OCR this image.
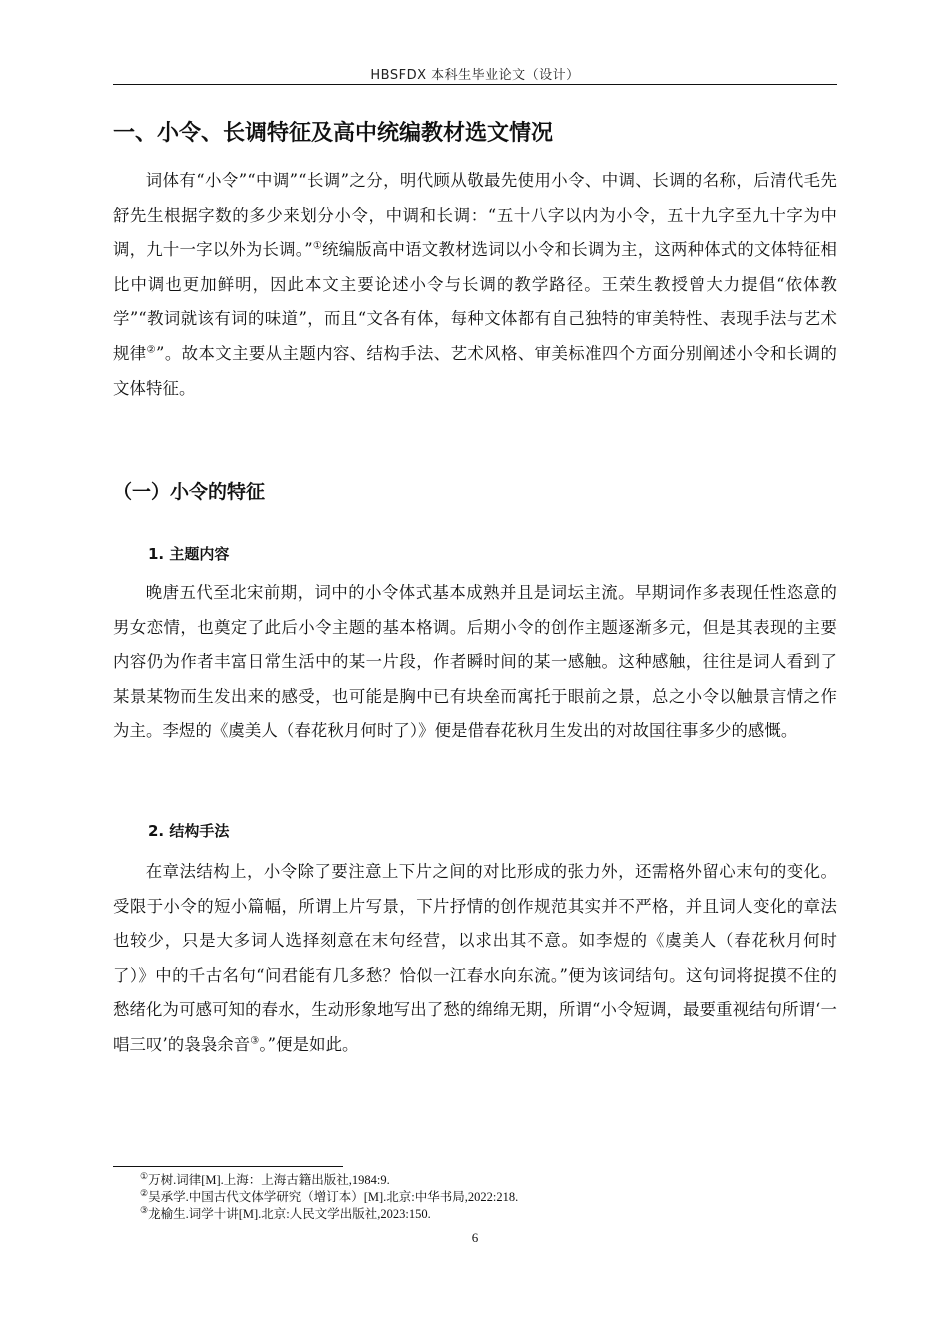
HBSFDX 本科生毕业论文（设计）
一、小令、长调特征及高中统编教材选文情况

词体有“小令”“中调”“长调”之分，明代顾从敬最先使用小令、中调、长调的名称，后清代毛先舒先生根据字数的多少来划分小令，中调和长调：“五十八字以内为小令，五十九字至九十字为中调，九十一字以外为长调。”①统编版高中语文教材选词以小令和长调为主，这两种体式的文体特征相比中调也更加鲜明，因此本文主要论述小令与长调的教学路径。王荣生教授曾大力提倡“依体教学”“教词就该有词的味道”，而且“文各有体，每种文体都有自己独特的审美特性、表现手法与艺术规律②”。故本文主要从主题内容、结构手法、艺术风格、审美标准四个方面分别阐述小令和长调的文体特征。

（一）小令的特征
1. 主题内容

晚唐五代至北宋前期，词中的小令体式基本成熟并且是词坛主流。早期词作多表现任性恣意的男女恋情，也奠定了此后小令主题的基本格调。后期小令的创作主题逐渐多元，但是其表现的主要内容仍为作者丰富日常生活中的某一片段，作者瞬时间的某一感触。这种感触，往往是词人看到了某景某物而生发出来的感受，也可能是胸中已有块垒而寓托于眼前之景，总之小令以触景言情之作为主。李煜的《虞美人（春花秋月何时了）》便是借春花秋月生发出的对故国往事多少的感慨。

2. 结构手法

在章法结构上，小令除了要注意上下片之间的对比形成的张力外，还需格外留心末句的变化。受限于小令的短小篇幅，所谓上片写景，下片抒情的创作规范其实并不严格，并且词人变化的章法也较少，只是大多词人选择刻意在末句经营，以求出其不意。如李煜的《虞美人（春花秋月何时了）》中的千古名句“问君能有几多愁？恰似一江春水向东流。”便为该词结句。这句词将捉摸不住的愁绪化为可感可知的春水，生动形象地写出了愁的绵绵无期，所谓“小令短调，最要重视结句所谓‘一唱三叹’的袅袅余音③。”便是如此。

①万树.词律[M].上海：上海古籍出版社,1984:9.

②吴承学.中国古代文体学研究（增订本）[M].北京:中华书局,2022:218.

③龙榆生.词学十讲[M].北京:人民文学出版社,2023:150.

6
